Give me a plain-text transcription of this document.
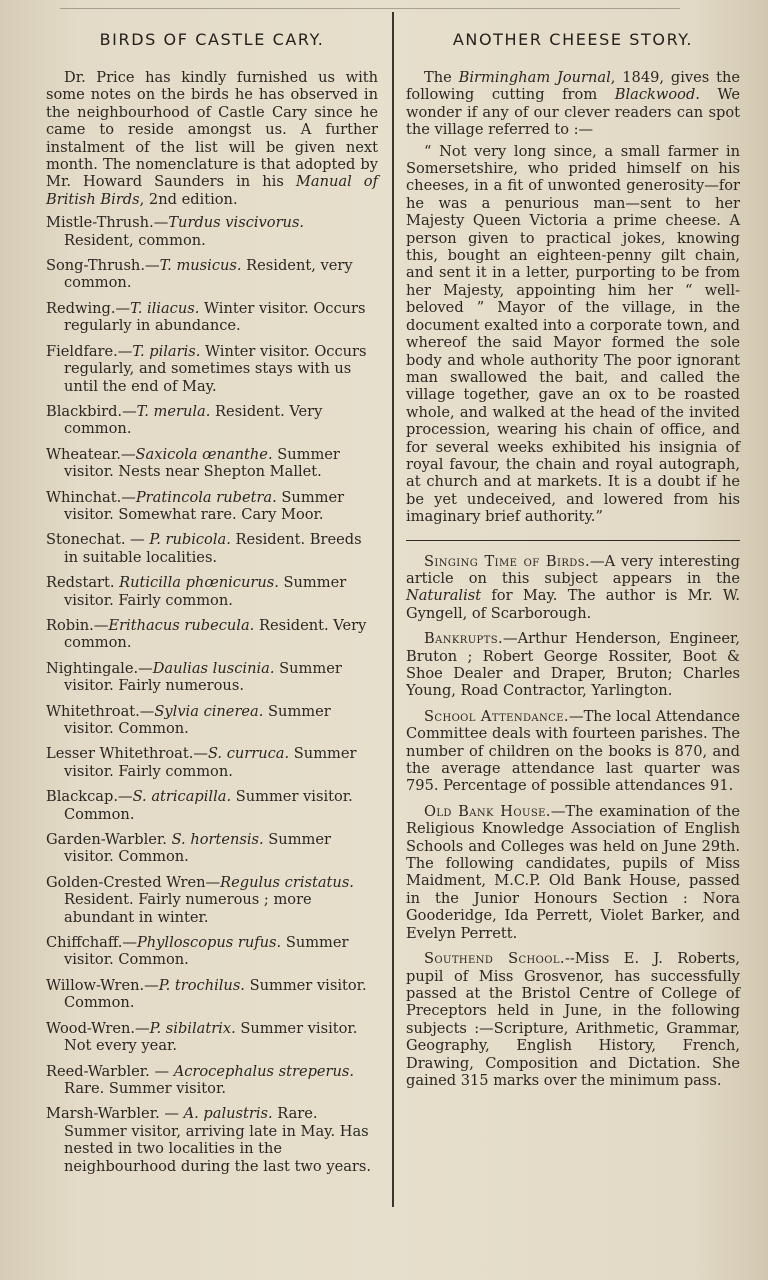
BIRDS OF CASTLE CARY.

Dr. Price has kindly furnished us with some notes on the birds he has observed in the neighbourhood of Castle Cary since he came to reside amongst us. A further instalment of the list will be given next month. The nomenclature is that adopted by Mr. Howard Saunders in his Manual of British Birds, 2nd edition.

Mistle-Thrush.—Turdus viscivorus. Resident, common.

Song-Thrush.—T. musicus. Resident, very common.

Redwing.—T. iliacus. Winter visitor. Occurs regularly in abundance.

Fieldfare.—T. pilaris. Winter visitor. Occurs regularly, and sometimes stays with us until the end of May.

Blackbird.—T. merula. Resident. Very common.

Wheatear.—Saxicola œnanthe. Summer visitor. Nests near Shepton Mallet.

Whinchat.—Pratincola rubetra. Summer visitor. Somewhat rare. Cary Moor.

Stonechat. — P. rubicola. Resident. Breeds in suitable localities.

Redstart. Ruticilla phœnicurus. Summer visitor. Fairly common.

Robin.—Erithacus rubecula. Resident. Very common.

Nightingale.—Daulias luscinia. Summer visitor. Fairly numerous.

Whitethroat.—Sylvia cinerea. Summer visitor. Common.

Lesser Whitethroat.—S. curruca. Summer visitor. Fairly common.

Blackcap.—S. atricapilla. Summer visitor. Common.

Garden-Warbler. S. hortensis. Summer visitor. Common.

Golden-Crested Wren—Regulus cristatus. Resident. Fairly numerous ; more abundant in winter.

Chiffchaff.—Phylloscopus rufus. Summer visitor. Common.

Willow-Wren.—P. trochilus. Summer visitor. Common.

Wood-Wren.—P. sibilatrix. Summer visitor. Not every year.

Reed-Warbler. — Acrocephalus streperus. Rare. Summer visitor.

Marsh-Warbler. — A. palustris. Rare. Summer visitor, arriving late in May. Has nested in two localities in the neighbourhood during the last two years.

ANOTHER CHEESE STORY.

The Birmingham Journal, 1849, gives the following cutting from Blackwood. We wonder if any of our clever readers can spot the village referred to :—

“ Not very long since, a small farmer in Somersetshire, who prided himself on his cheeses, in a fit of unwonted generosity—for he was a penurious man—sent to her Majesty Queen Victoria a prime cheese. A person given to practical jokes, knowing this, bought an eighteen-penny gilt chain, and sent it in a letter, purporting to be from her Majesty, appointing him her “ well-beloved ” Mayor of the village, in the document exalted into a corporate town, and whereof the said Mayor formed the sole body and whole authority The poor ignorant man swallowed the bait, and called the village together, gave an ox to be roasted whole, and walked at the head of the invited procession, wearing his chain of office, and for several weeks exhibited his insignia of royal favour, the chain and royal autograph, at church and at markets. It is a doubt if he be yet undeceived, and lowered from his imaginary brief authority.”

Singing Time of Birds.—A very interesting article on this subject appears in the Naturalist for May. The author is Mr. W. Gyngell, of Scarborough.

Bankrupts.—Arthur Henderson, Engineer, Bruton ; Robert George Rossiter, Boot & Shoe Dealer and Draper, Bruton; Charles Young, Road Contractor, Yarlington.

School Attendance.—The local Attendance Committee deals with fourteen parishes. The number of children on the books is 870, and the average attendance last quarter was 795. Percentage of possible attendances 91.

Old Bank House.—The examination of the Religious Knowledge Association of English Schools and Colleges was held on June 29th. The following candidates, pupils of Miss Maidment, M.C.P. Old Bank House, passed in the Junior Honours Section : Nora Gooderidge, Ida Perrett, Violet Barker, and Evelyn Perrett.

Southend School.--Miss E. J. Roberts, pupil of Miss Grosvenor, has successfully passed at the Bristol Centre of College of Preceptors held in June, in the following subjects :—Scripture, Arithmetic, Grammar, Geography, English History, French, Drawing, Composition and Dictation. She gained 315 marks over the minimum pass.
